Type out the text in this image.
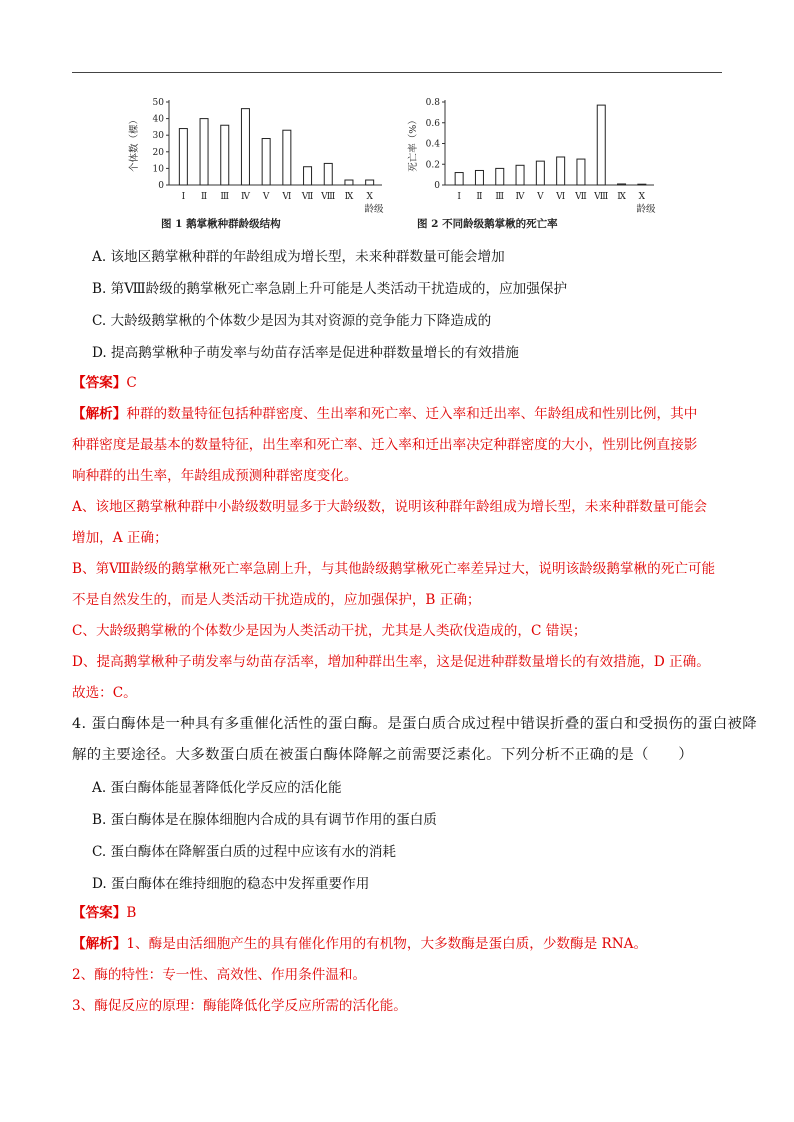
0
10
20
30
40
50
个体数（棵）
Ⅰ Ⅱ Ⅲ Ⅳ Ⅴ Ⅵ Ⅶ Ⅷ Ⅸ Ⅹ
龄级
图 1 鹅掌楸种群龄级结构
0
0.2
0.4
0.6
0.8
死亡率（%）
Ⅰ Ⅱ Ⅲ Ⅳ Ⅴ Ⅵ Ⅶ Ⅷ Ⅸ Ⅹ
龄级
图 2 不同龄级鹅掌楸的死亡率
A. 该地区鹅掌楸种群的年龄组成为增长型，未来种群数量可能会增加
B. 第Ⅷ龄级的鹅掌楸死亡率急剧上升可能是人类活动干扰造成的，应加强保护
C. 大龄级鹅掌楸的个体数少是因为其对资源的竞争能力下降造成的
D. 提高鹅掌楸种子萌发率与幼苗存活率是促进种群数量增长的有效措施
【答案】C
【解析】种群的数量特征包括种群密度、生出率和死亡率、迁入率和迁出率、年龄组成和性别比例，其中
种群密度是最基本的数量特征，出生率和死亡率、迁入率和迁出率决定种群密度的大小，性别比例直接影
响种群的出生率，年龄组成预测种群密度变化。
A、该地区鹅掌楸种群中小龄级数明显多于大龄级数，说明该种群年龄组成为增长型，未来种群数量可能会
增加，A 正确；
B、第Ⅷ龄级的鹅掌楸死亡率急剧上升，与其他龄级鹅掌楸死亡率差异过大，说明该龄级鹅掌楸的死亡可能
不是自然发生的，而是人类活动干扰造成的，应加强保护，B 正确；
C、大龄级鹅掌楸的个体数少是因为人类活动干扰，尤其是人类砍伐造成的，C 错误；
D、提高鹅掌楸种子萌发率与幼苗存活率，增加种群出生率，这是促进种群数量增长的有效措施，D 正确。
故选：C。
4. 蛋白酶体是一种具有多重催化活性的蛋白酶。是蛋白质合成过程中错误折叠的蛋白和受损伤的蛋白被降
解的主要途径。大多数蛋白质在被蛋白酶体降解之前需要泛素化。下列分析不正确的是（　　）
A. 蛋白酶体能显著降低化学反应的活化能
B. 蛋白酶体是在腺体细胞内合成的具有调节作用的蛋白质
C. 蛋白酶体在降解蛋白质的过程中应该有水的消耗
D. 蛋白酶体在维持细胞的稳态中发挥重要作用
【答案】B
【解析】1、酶是由活细胞产生的具有催化作用的有机物，大多数酶是蛋白质，少数酶是 RNA。
2、酶的特性：专一性、高效性、作用条件温和。
3、酶促反应的原理：酶能降低化学反应所需的活化能。
